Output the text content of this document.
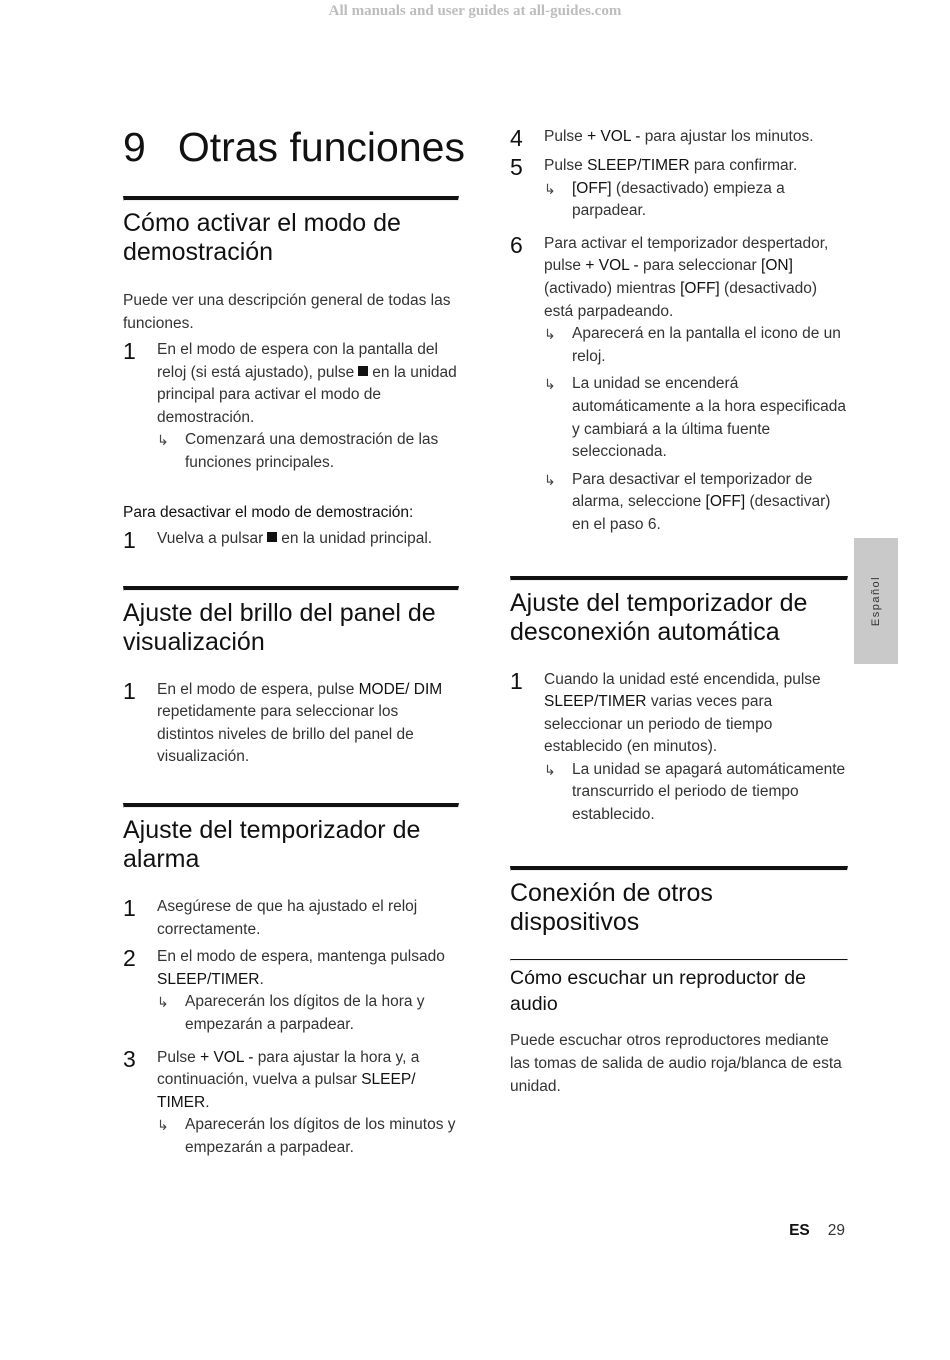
All manuals and user guides at all-guides.com
9 Otras funciones
Cómo activar el modo de demostración

Puede ver una descripción general de todas las funciones.

1	En el modo de espera con la pantalla del reloj (si está ajustado), pulse en la unidad principal para activar el modo de demostración.
↳	Comenzará una demostración de las funciones principales.
Para desactivar el modo de demostración:
1	Vuelva a pulsar en la unidad principal.
Ajuste del brillo del panel de visualización
1	En el modo de espera, pulse MODE/ DIM repetidamente para seleccionar los distintos niveles de brillo del panel de visualización.
Ajuste del temporizador de alarma
1	Asegúrese de que ha ajustado el reloj correctamente.
2	En el modo de espera, mantenga pulsado SLEEP/TIMER.
↳	Aparecerán los dígitos de la hora y empezarán a parpadear.
3	Pulse + VOL - para ajustar la hora y, a continuación, vuelva a pulsar SLEEP/ TIMER.
↳	Aparecerán los dígitos de los minutos y empezarán a parpadear.
4	Pulse + VOL - para ajustar los minutos.
5	Pulse SLEEP/TIMER para confirmar.
↳	[OFF] (desactivado) empieza a parpadear.
6	Para activar el temporizador despertador, pulse + VOL - para seleccionar [ON] (activado) mientras [OFF] (desactivado) está parpadeando.
↳	Aparecerá en la pantalla el icono de un reloj.
↳	La unidad se encenderá automáticamente a la hora especificada y cambiará a la última fuente seleccionada.
↳	Para desactivar el temporizador de alarma, seleccione [OFF] (desactivar) en el paso 6.
Ajuste del temporizador de desconexión automática
1	Cuando la unidad esté encendida, pulse SLEEP/TIMER varias veces para seleccionar un periodo de tiempo establecido (en minutos).
↳	La unidad se apagará automáticamente transcurrido el periodo de tiempo establecido.
Conexión de otros dispositivos
Cómo escuchar un reproductor de audio

Puede escuchar otros reproductores mediante las tomas de salida de audio roja/blanca de esta unidad.

Español
ES 29
